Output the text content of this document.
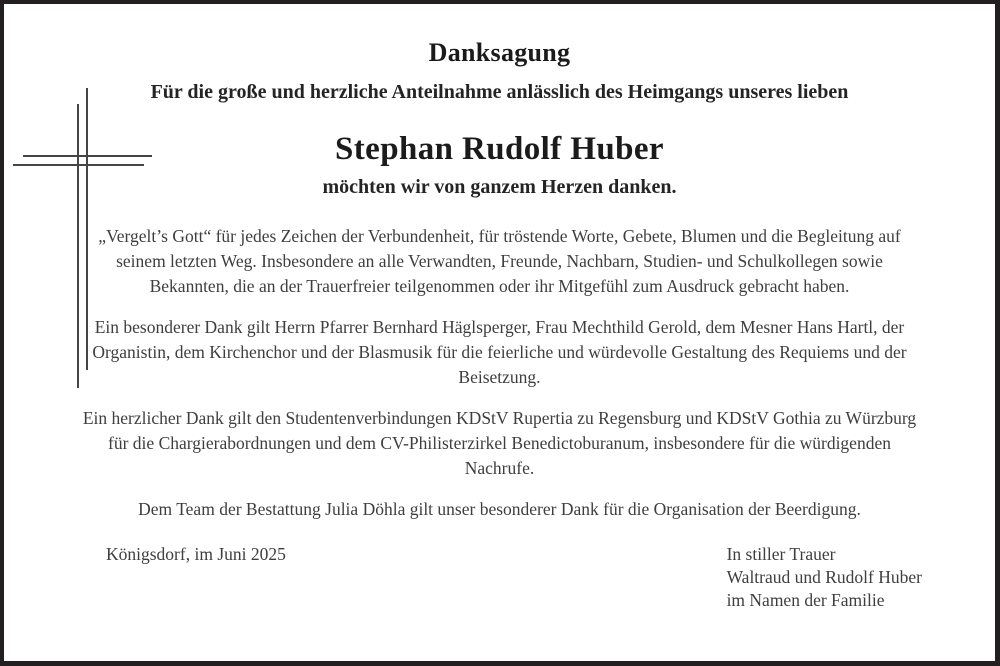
Danksagung

Für die große und herzliche Anteilnahme anlässlich des Heimgangs unseres lieben

Stephan Rudolf Huber

möchten wir von ganzem Herzen danken.

„Vergelt’s Gott“ für jedes Zeichen der Verbundenheit, für tröstende Worte, Gebete, Blumen und die Begleitung auf seinem letzten Weg. Insbesondere an alle Verwandten, Freunde, Nachbarn, Studien- und Schulkollegen sowie Bekannten, die an der Trauerfreier teilgenommen oder ihr Mitgefühl zum Ausdruck gebracht haben.

Ein besonderer Dank gilt Herrn Pfarrer Bernhard Häglsperger, Frau Mechthild Gerold, dem Mesner Hans Hartl, der Organistin, dem Kirchenchor und der Blasmusik für die feierliche und würdevolle Gestaltung des Requiems und der Beisetzung.

Ein herzlicher Dank gilt den Studentenverbindungen KDStV Rupertia zu Regensburg und KDStV Gothia zu Würzburg für die Chargierabordnungen und dem CV-Philisterzirkel Benedictoburanum, insbesondere für die würdigenden Nachrufe.

Dem Team der Bestattung Julia Döhla gilt unser besonderer Dank für die Organisation der Beerdigung.

Königsdorf, im Juni 2025	In stiller Trauer
Waltraud und Rudolf Huber
im Namen der Familie
